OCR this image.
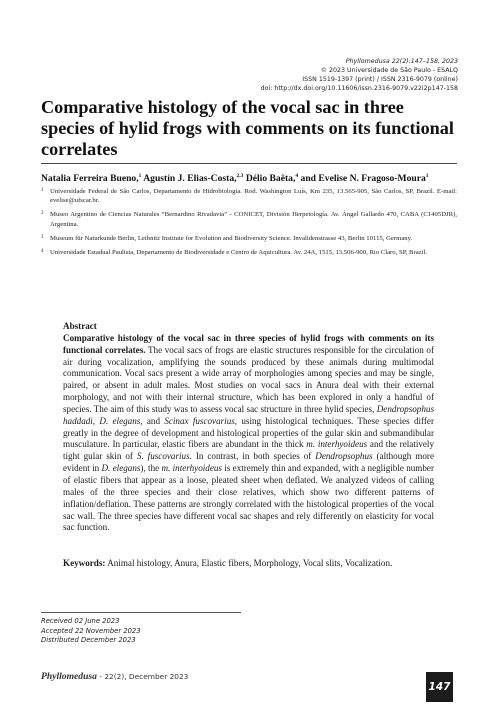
Phyllomedusa 22(2):147–158, 2023
© 2023 Universidade de São Paulo - ESALQ
ISSN 1519-1397 (print) / ISSN 2316-9079 (online)
doi: http://dx.doi.org/10.11606/issn.2316-9079.v22i2p147-158
Comparative histology of the vocal sac in three species of hylid frogs with comments on its functional correlates
Natalia Ferreira Bueno,$^1$ Agustín J. Elias-Costa,$^{2,3}$ Délio Baêta,$^4$ and Evelise N. Fragoso-Moura$^1$
1 Universidade Federal de São Carlos, Departamento de Hidrobiologia. Rod. Washington Luís, Km 235, 13.565-905, São Carlos, SP, Brazil. E-mail: evelise@ufscar.br.
2 Museo Argentino de Ciencias Naturales “Bernardino Rivadavia” - CONICET, División Herpetología. Av. Ángel Gallardo 470, CABA (C1405DJR), Argentina.
3 Museum für Naturkunde Berlin, Leibnitz Institute for Evolution and Biodiversity Science. Invalidenstrasse 43, Berlin 10115, Germany.
4 Universidade Estadual Paulista, Departamento de Biodiversidade e Centro de Aquicultura. Av. 24A, 1515, 13.506-900, Rio Claro, SP, Brazil.
Abstract
Comparative histology of the vocal sac in three species of hylid frogs with comments on its functional correlates. The vocal sacs of frogs are elastic structures responsible for the circulation of air during vocalization, amplifying the sounds produced by these animals during multimodal communication. Vocal sacs present a wide array of morphologies among species and may be single, paired, or absent in adult males. Most studies on vocal sacs in Anura deal with their external morphology, and not with their internal structure, which has been explored in only a handful of species. The aim of this study was to assess vocal sac structure in three hylid species, Dendropsophus haddadi, D. elegans, and Scinax fuscovarius, using histological techniques. These species differ greatly in the degree of development and histological properties of the gular skin and submandibular musculature. In particular, elastic fibers are abundant in the thick m. interhyoideus and the relatively tight gular skin of S. fuscovarius. In contrast, in both species of Dendropsophus (although more evident in D. elegans), the m. interhyoideus is extremely thin and expanded, with a negligible number of elastic fibers that appear as a loose, pleated sheet when deflated. We analyzed videos of calling males of the three species and their close relatives, which show two different patterns of inflation/deflation. These patterns are strongly correlated with the histological properties of the vocal sac wall. The three species have different vocal sac shapes and rely differently on elasticity for vocal sac function.
Keywords: Animal histology, Anura, Elastic fibers, Morphology, Vocal slits, Vocalization.
Received 02 June 2023
Accepted 22 November 2023
Distributed December 2023
Phyllomedusa - 22(2), December 2023
147
